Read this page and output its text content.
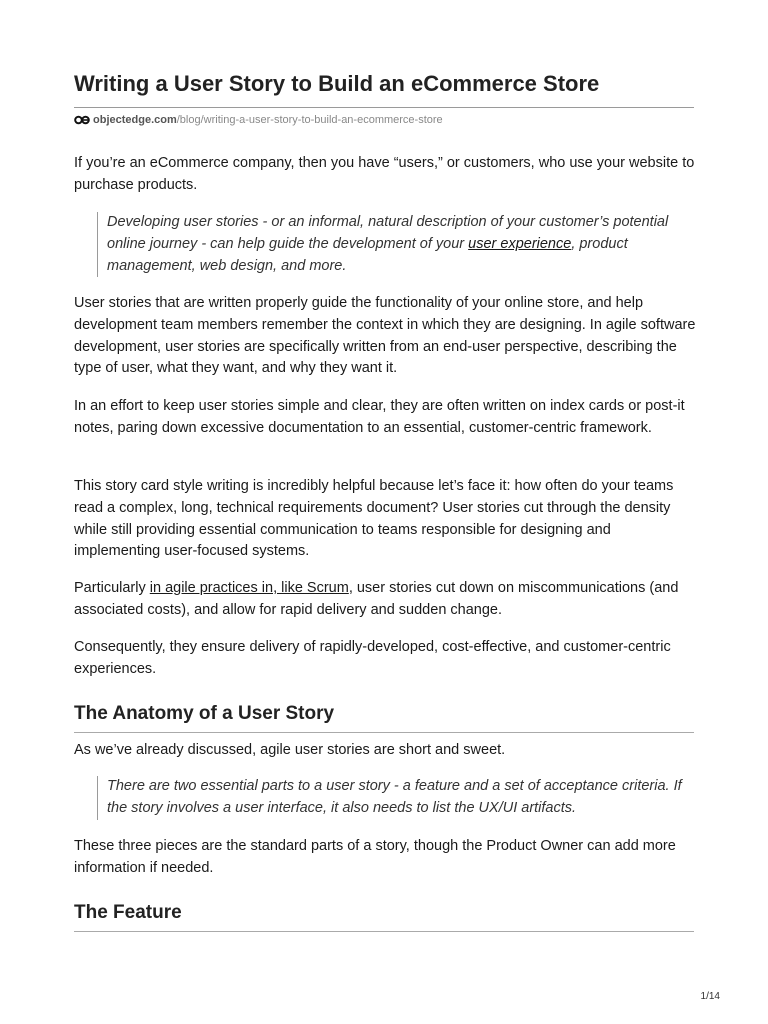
Writing a User Story to Build an eCommerce Store
objectedge.com /blog/writing-a-user-story-to-build-an-ecommerce-store

If you’re an eCommerce company, then you have “users,” or customers, who use your website to purchase products.

Developing user stories - or an informal, natural description of your customer’s potential online journey - can help guide the development of your user experience, product management, web design, and more.

User stories that are written properly guide the functionality of your online store, and help development team members remember the context in which they are designing. In agile software development, user stories are specifically written from an end-user perspective, describing the type of user, what they want, and why they want it.

In an effort to keep user stories simple and clear, they are often written on index cards or post-it notes, paring down excessive documentation to an essential, customer-centric framework.

This story card style writing is incredibly helpful because let’s face it: how often do your teams read a complex, long, technical requirements document? User stories cut through the density while still providing essential communication to teams responsible for designing and implementing user-focused systems.

Particularly in agile practices in, like Scrum, user stories cut down on miscommunications (and associated costs), and allow for rapid delivery and sudden change.

Consequently, they ensure delivery of rapidly-developed, cost-effective, and customer-centric experiences.

The Anatomy of a User Story

As we’ve already discussed, agile user stories are short and sweet.

There are two essential parts to a user story - a feature and a set of acceptance criteria. If the story involves a user interface, it also needs to list the UX/UI artifacts.

These three pieces are the standard parts of a story, though the Product Owner can add more information if needed.

The Feature
1/14
